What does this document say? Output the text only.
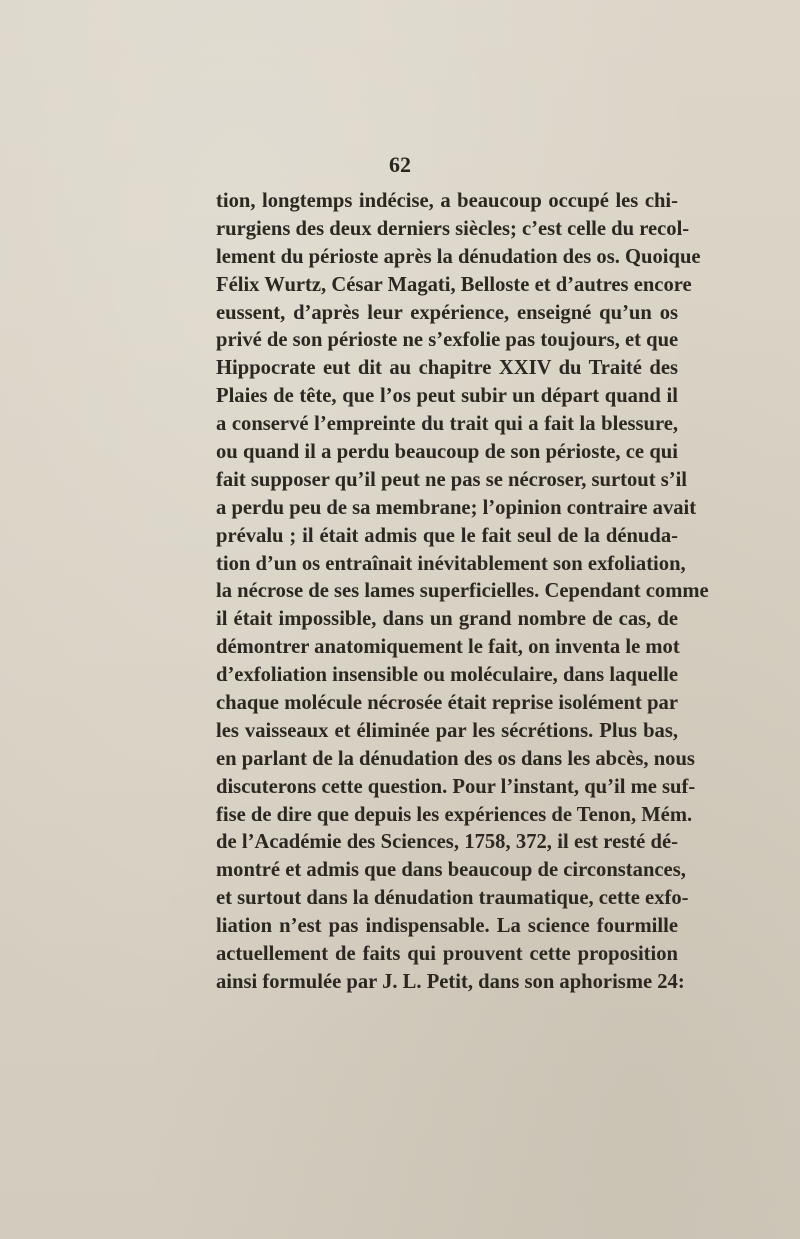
62
tion, longtemps indécise, a beaucoup occupé les chi-
rurgiens des deux derniers siècles; c’est celle du recol-
lement du périoste après la dénudation des os. Quoique
Félix Wurtz, César Magati, Belloste et d’autres encore
eussent, d’après leur expérience, enseigné qu’un os
privé de son périoste ne s’exfolie pas toujours, et que
Hippocrate eut dit au chapitre XXIV du Traité des
Plaies de tête, que l’os peut subir un départ quand il
a conservé l’empreinte du trait qui a fait la blessure,
ou quand il a perdu beaucoup de son périoste, ce qui
fait supposer qu’il peut ne pas se nécroser, surtout s’il
a perdu peu de sa membrane; l’opinion contraire avait
prévalu ; il était admis que le fait seul de la dénuda-
tion d’un os entraînait inévitablement son exfoliation,
la nécrose de ses lames superficielles. Cependant comme
il était impossible, dans un grand nombre de cas, de
démontrer anatomiquement le fait, on inventa le mot
d’exfoliation insensible ou moléculaire, dans laquelle
chaque molécule nécrosée était reprise isolément par
les vaisseaux et éliminée par les sécrétions. Plus bas,
en parlant de la dénudation des os dans les abcès, nous
discuterons cette question. Pour l’instant, qu’il me suf-
fise de dire que depuis les expériences de Tenon, Mém.
de l’Académie des Sciences, 1758, 372, il est resté dé-
montré et admis que dans beaucoup de circonstances,
et surtout dans la dénudation traumatique, cette exfo-
liation n’est pas indispensable. La science fourmille
actuellement de faits qui prouvent cette proposition
ainsi formulée par J. L. Petit, dans son aphorisme 24:
